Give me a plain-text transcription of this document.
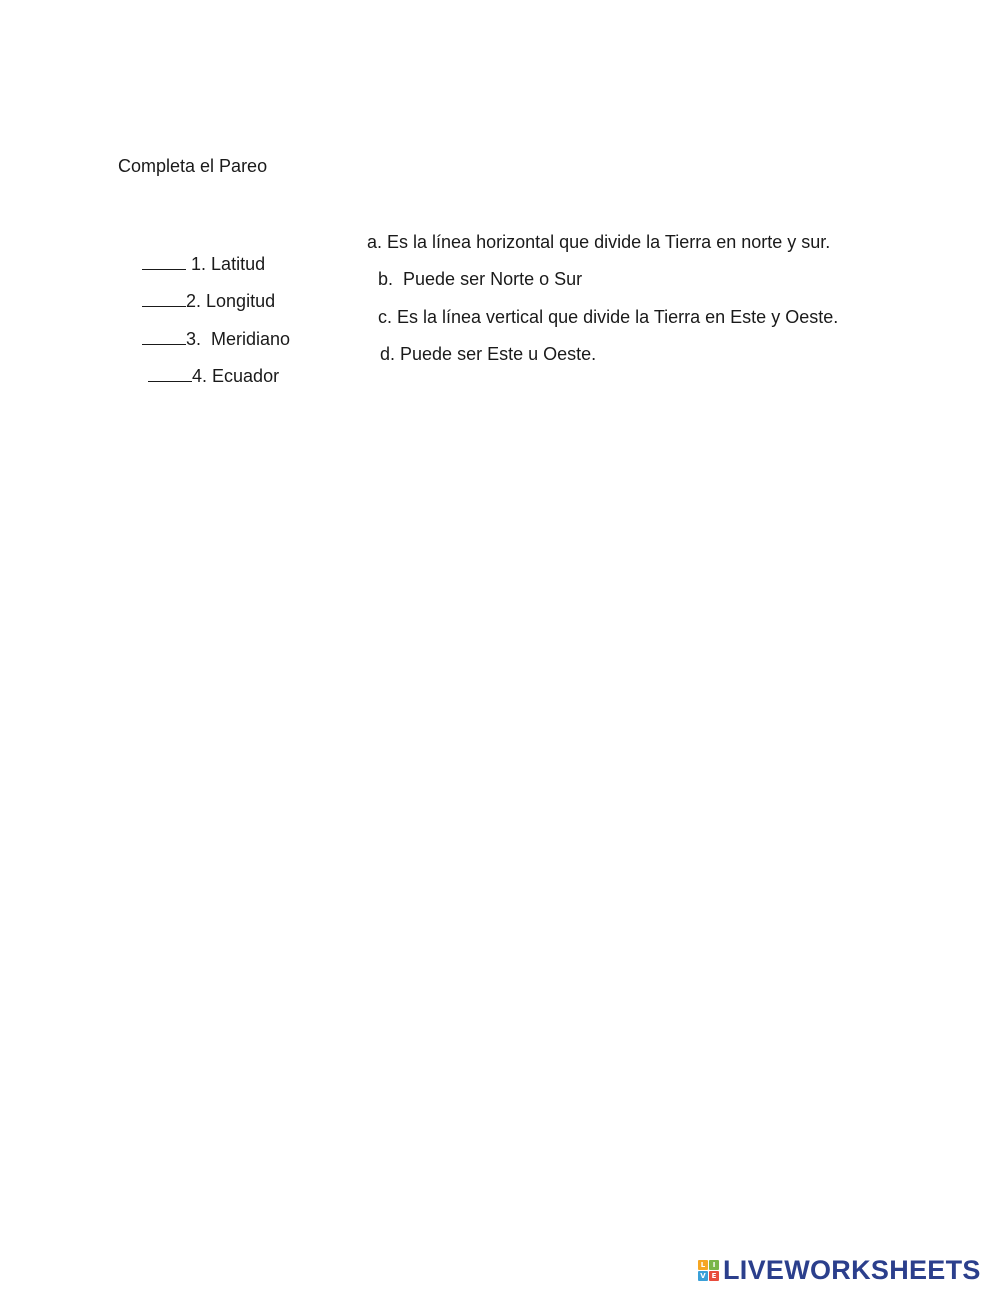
Completa el Pareo

1. Latitud

a. Es la línea horizontal que divide la Tierra en norte y sur.

2. Longitud

b.  Puede ser Norte o Sur

3.  Meridiano

c. Es la línea vertical que divide la Tierra en Este y Oeste.

4. Ecuador

d. Puede ser Este u Oeste.
L	I
V E LIVEWORKSHEETS
